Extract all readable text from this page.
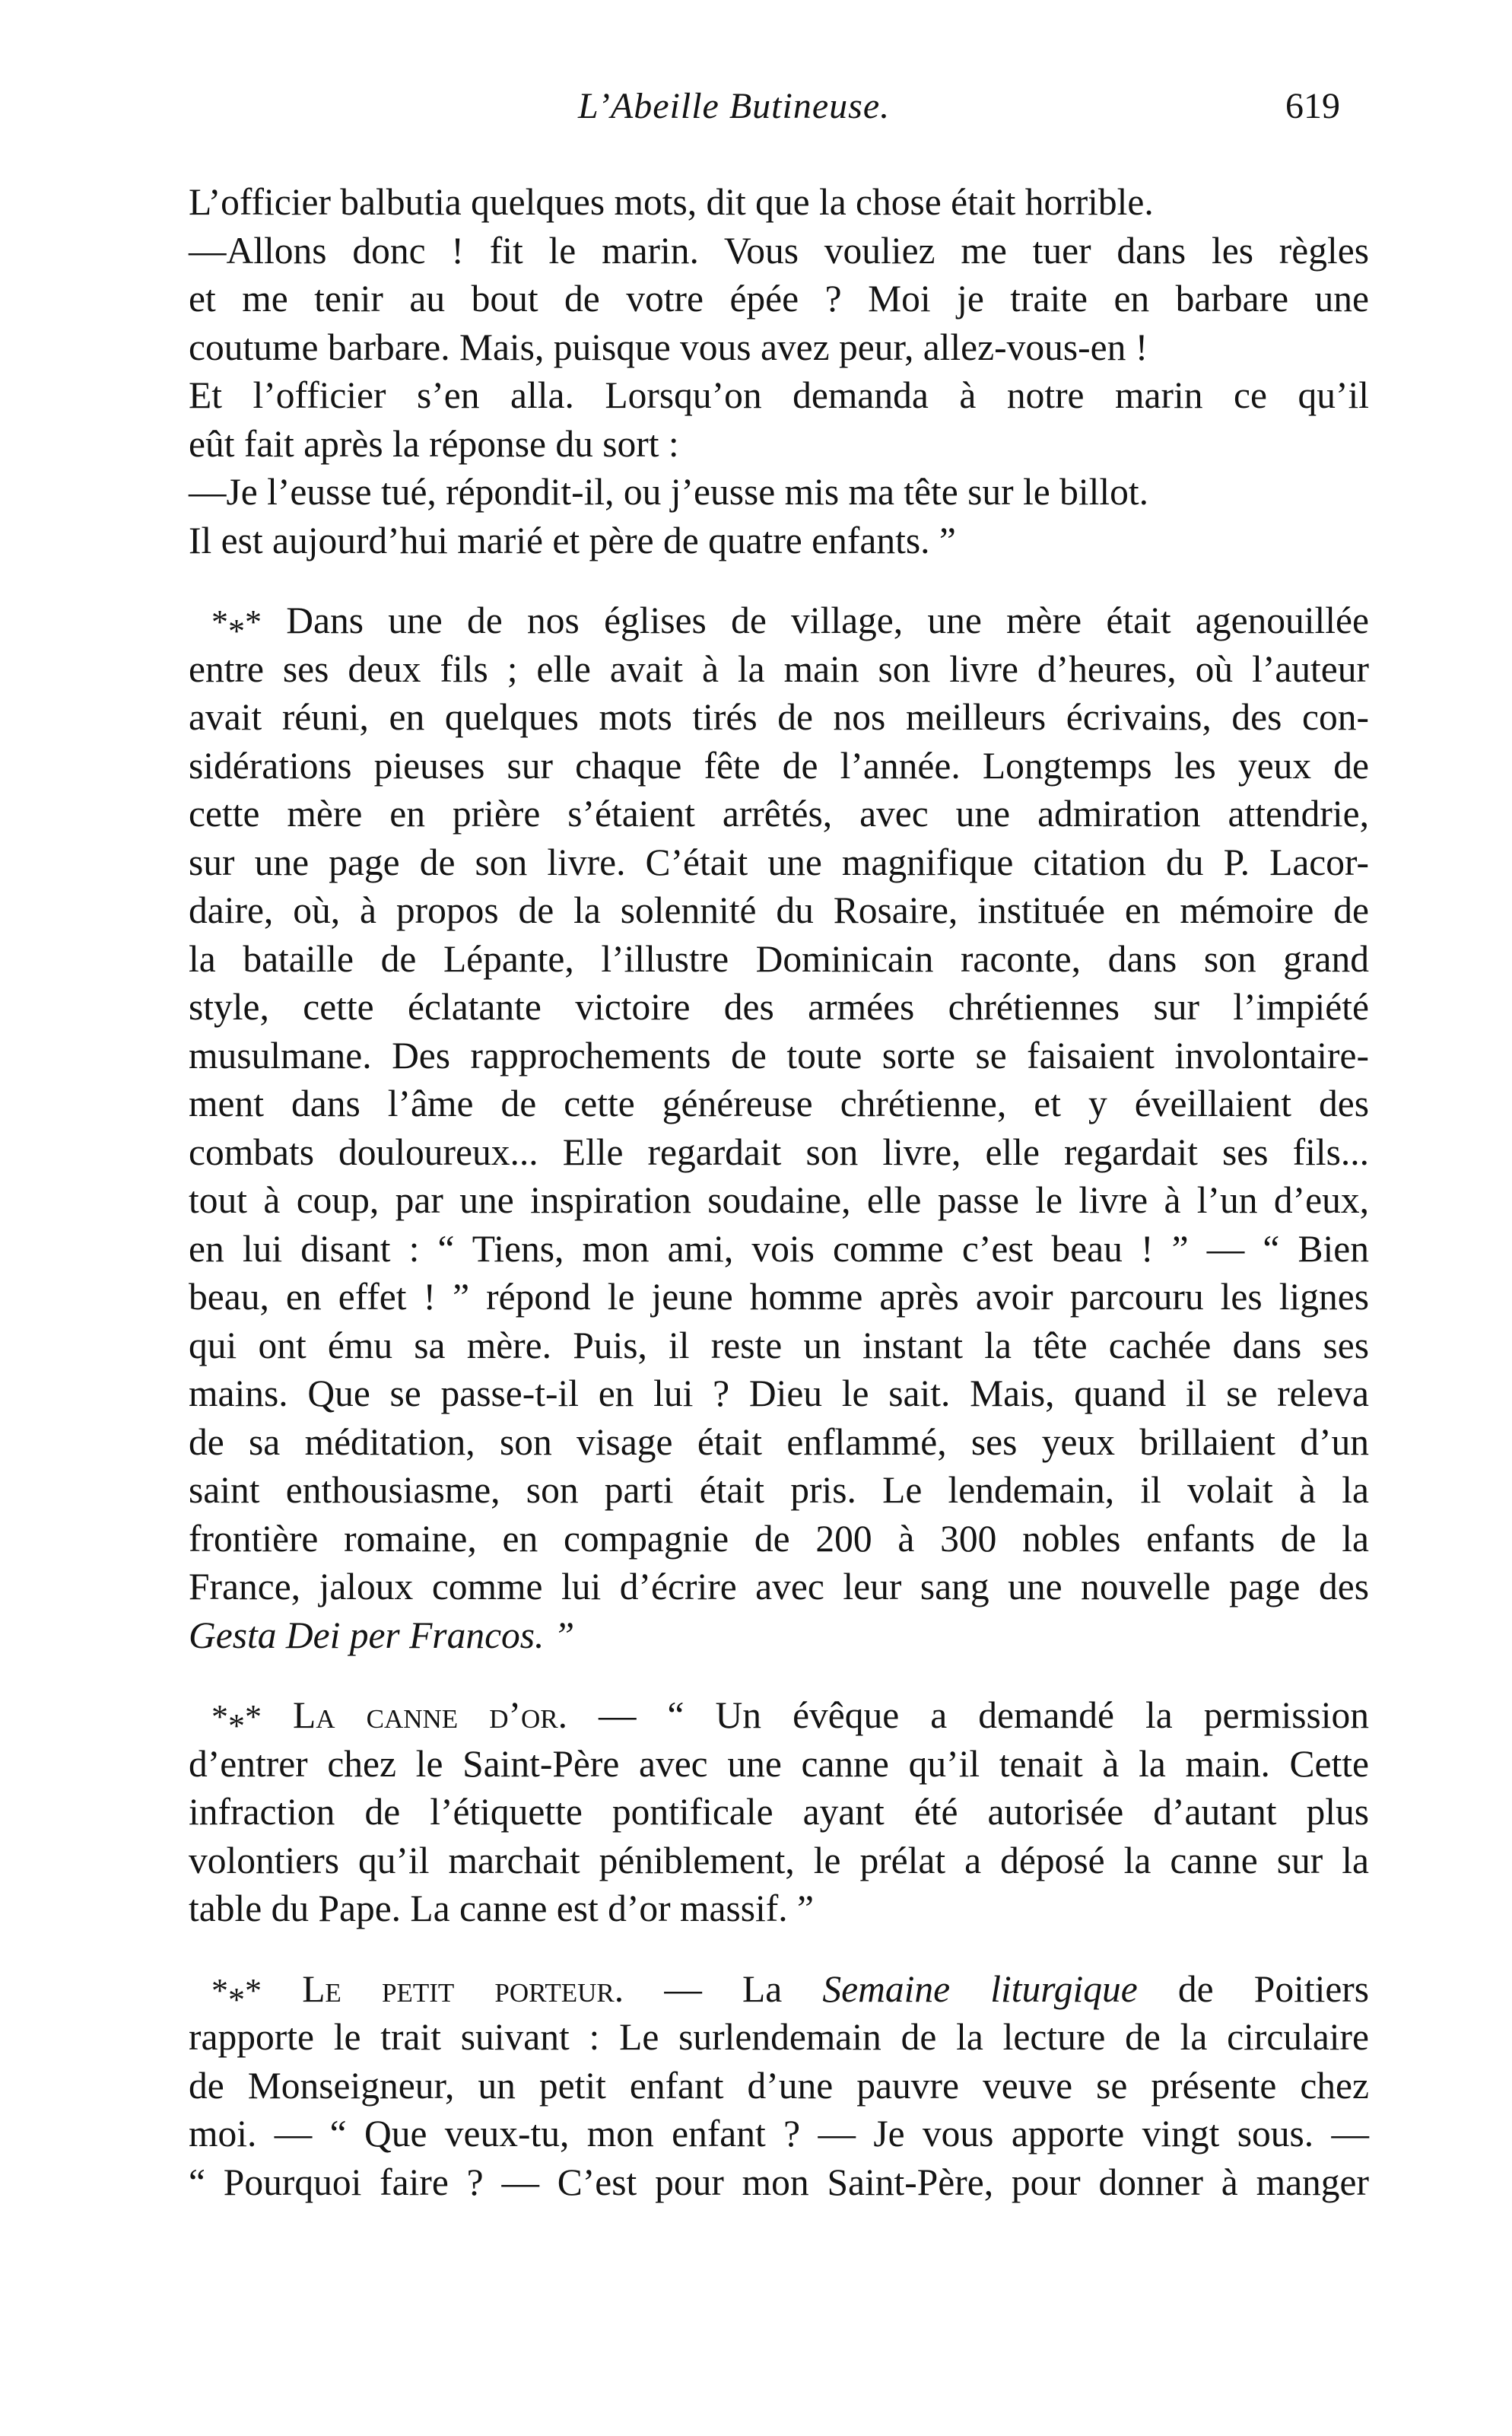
L’Abeille Butineuse.	619
L’officier balbutia quelques mots, dit que la chose était horrible.
—Allons donc ! fit le marin. Vous vouliez me tuer dans les règles
et me tenir au bout de votre épée ? Moi je traite en barbare une
coutume barbare. Mais, puisque vous avez peur, allez-vous-en !
Et l’officier s’en alla. Lorsqu’on demanda à notre marin ce qu’il
eût fait après la réponse du sort :
—Je l’eusse tué, répondit-il, ou j’eusse mis ma tête sur le billot.
Il est aujourd’hui marié et père de quatre enfants. ”
*** Dans une de nos églises de village, une mère était agenouillée
entre ses deux fils ; elle avait à la main son livre d’heures, où l’auteur
avait réuni, en quelques mots tirés de nos meilleurs écrivains, des con-
sidérations pieuses sur chaque fête de l’année. Longtemps les yeux de
cette mère en prière s’étaient arrêtés, avec une admiration attendrie,
sur une page de son livre. C’était une magnifique citation du P. Lacor-
daire, où, à propos de la solennité du Rosaire, instituée en mémoire de
la bataille de Lépante, l’illustre Dominicain raconte, dans son grand
style, cette éclatante victoire des armées chrétiennes sur l’impiété
musulmane. Des rapprochements de toute sorte se faisaient involontaire-
ment dans l’âme de cette généreuse chrétienne, et y éveillaient des
combats douloureux... Elle regardait son livre, elle regardait ses fils...
tout à coup, par une inspiration soudaine, elle passe le livre à l’un d’eux,
en lui disant : “ Tiens, mon ami, vois comme c’est beau ! ” — “ Bien
beau, en effet ! ” répond le jeune homme après avoir parcouru les lignes
qui ont ému sa mère. Puis, il reste un instant la tête cachée dans ses
mains. Que se passe-t-il en lui ? Dieu le sait. Mais, quand il se releva
de sa méditation, son visage était enflammé, ses yeux brillaient d’un
saint enthousiasme, son parti était pris. Le lendemain, il volait à la
frontière romaine, en compagnie de 200 à 300 nobles enfants de la
France, jaloux comme lui d’écrire avec leur sang une nouvelle page des
Gesta Dei per Francos. ”
*** La canne d’or. — “ Un évêque a demandé la permission
d’entrer chez le Saint-Père avec une canne qu’il tenait à la main. Cette
infraction de l’étiquette pontificale ayant été autorisée d’autant plus
volontiers qu’il marchait péniblement, le prélat a déposé la canne sur la
table du Pape. La canne est d’or massif. ”
*** Le petit porteur. — La Semaine liturgique de Poitiers
rapporte le trait suivant : Le surlendemain de la lecture de la circulaire
de Monseigneur, un petit enfant d’une pauvre veuve se présente chez
moi. — “ Que veux-tu, mon enfant ? — Je vous apporte vingt sous. —
“ Pourquoi faire ? — C’est pour mon Saint-Père, pour donner à manger
